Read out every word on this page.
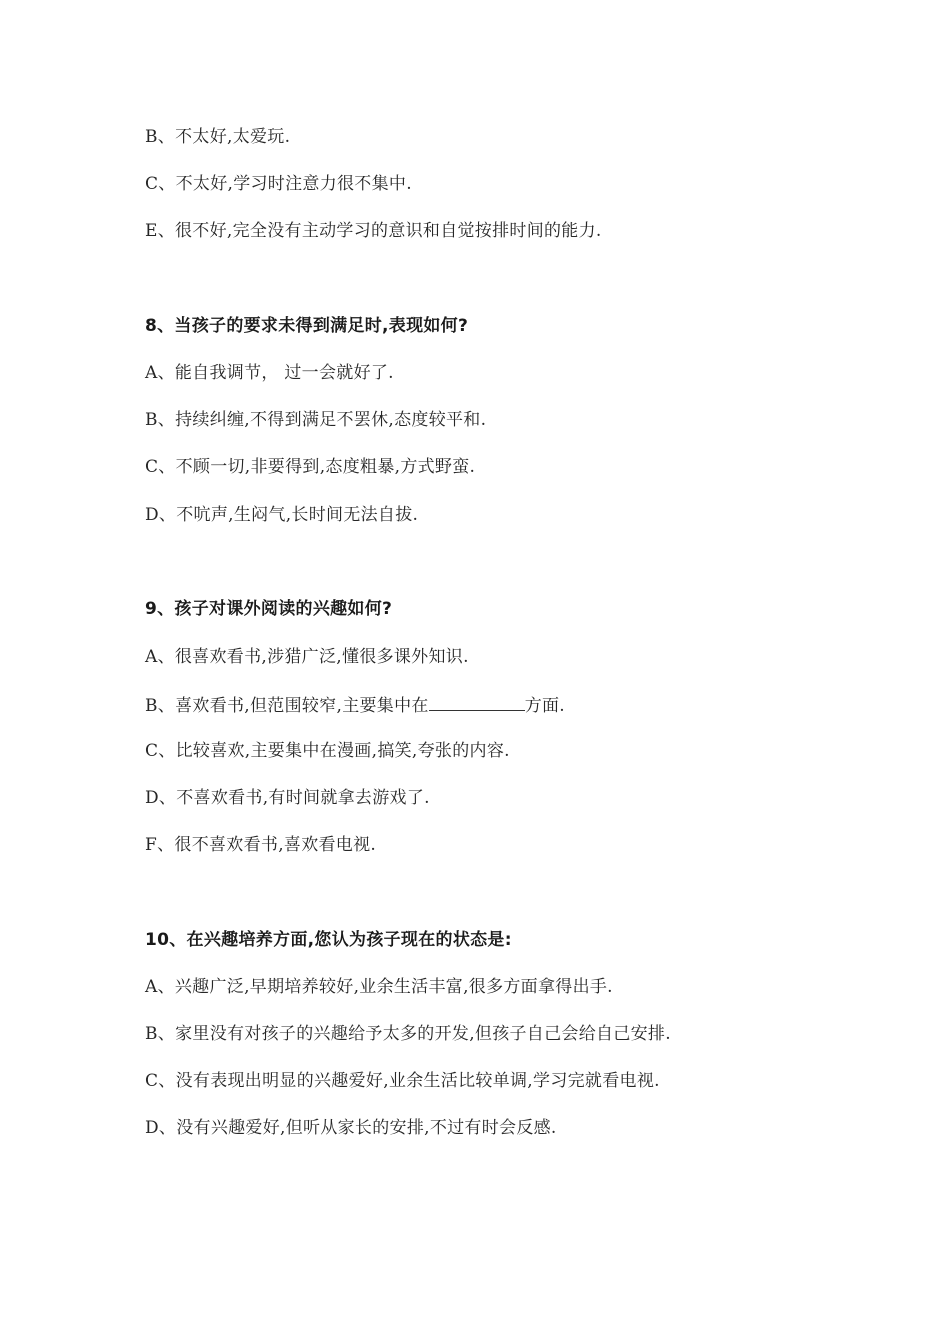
B、不太好,太爱玩.
C、不太好,学习时注意力很不集中.
E、很不好,完全没有主动学习的意识和自觉按排时间的能力.
8、当孩子的要求未得到满足时,表现如何?
A、能自我调节， 过一会就好了.
B、持续纠缠,不得到满足不罢休,态度较平和.
C、不顾一切,非要得到,态度粗暴,方式野蛮.
D、不吭声,生闷气,长时间无法自拔.
9、孩子对课外阅读的兴趣如何?
A、很喜欢看书,涉猎广泛,懂很多课外知识.
B、喜欢看书,但范围较窄,主要集中在	方面.
C、比较喜欢,主要集中在漫画,搞笑,夸张的内容.
D、不喜欢看书,有时间就拿去游戏了.
F、很不喜欢看书,喜欢看电视.
10、在兴趣培养方面,您认为孩子现在的状态是:
A、兴趣广泛,早期培养较好,业余生活丰富,很多方面拿得出手.
B、家里没有对孩子的兴趣给予太多的开发,但孩子自己会给自己安排.
C、没有表现出明显的兴趣爱好,业余生活比较单调,学习完就看电视.
D、没有兴趣爱好,但听从家长的安排,不过有时会反感.
